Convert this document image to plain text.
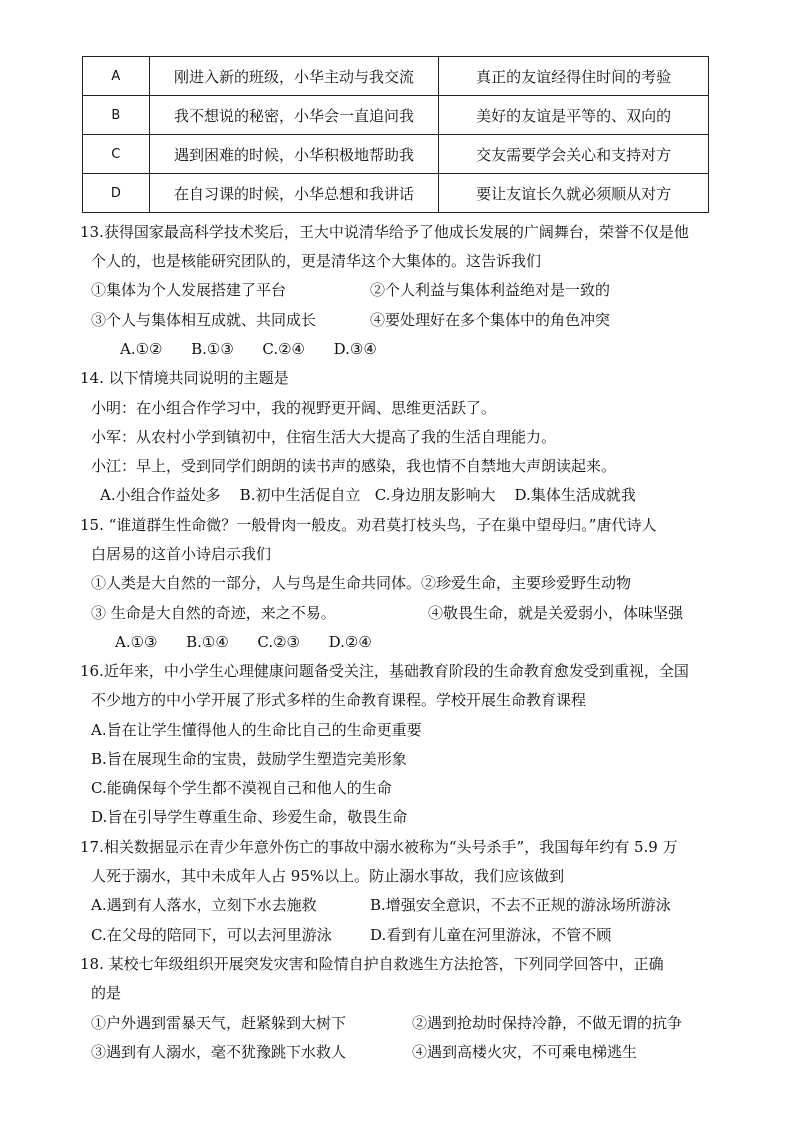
A	刚进入新的班级，小华主动与我交流	真正的友谊经得住时间的考验
B	我不想说的秘密，小华会一直追问我	美好的友谊是平等的、双向的
C	遇到困难的时候，小华积极地帮助我	交友需要学会关心和支持对方
D	在自习课的时候，小华总想和我讲话	要让友谊长久就必须顺从对方
13.获得国家最高科学技术奖后，王大中说清华给予了他成长发展的广阔舞台，荣誉不仅是他
个人的，也是核能研究团队的，更是清华这个大集体的。这告诉我们
①集体为个人发展搭建了平台	②个人利益与集体利益绝对是一致的
③个人与集体相互成就、共同成长	④要处理好在多个集体中的角色冲突
A.①②      B.①③      C.②④      D.③④
14. 以下情境共同说明的主题是
小明：在小组合作学习中，我的视野更开阔、思维更活跃了。
小军：从农村小学到镇初中，住宿生活大大提高了我的生活自理能力。
小江：早上，受到同学们朗朗的读书声的感染，我也情不自禁地大声朗读起来。
A.小组合作益处多    B.初中生活促自立   C.身边朋友影响大    D.集体生活成就我
15. “谁道群生性命微？一般骨肉一般皮。劝君莫打枝头鸟，子在巢中望母归。”唐代诗人
白居易的这首小诗启示我们
①人类是大自然的一部分，人与鸟是生命共同体。②珍爱生命，主要珍爱野生动物
③ 生命是大自然的奇迹，来之不易。	④敬畏生命，就是关爱弱小，体味坚强
A.①③      B.①④      C.②③      D.②④
16.近年来，中小学生心理健康问题备受关注，基础教育阶段的生命教育愈发受到重视，全国
不少地方的中小学开展了形式多样的生命教育课程。学校开展生命教育课程
A.旨在让学生懂得他人的生命比自己的生命更重要
B.旨在展现生命的宝贵，鼓励学生塑造完美形象
C.能确保每个学生都不漠视自己和他人的生命
D.旨在引导学生尊重生命、珍爱生命，敬畏生命
17.相关数据显示在青少年意外伤亡的事故中溺水被称为“头号杀手”，我国每年约有 5.9 万
人死于溺水，其中未成年人占 95%以上。防止溺水事故，我们应该做到
A.遇到有人落水，立刻下水去施救	B.增强安全意识，不去不正规的游泳场所游泳
C.在父母的陪同下，可以去河里游泳	D.看到有儿童在河里游泳，不管不顾
18. 某校七年级组织开展突发灾害和险情自护自救逃生方法抢答，下列同学回答中，正确
的是
①户外遇到雷暴天气，赶紧躲到大树下	②遇到抢劫时保持冷静，不做无谓的抗争
③遇到有人溺水，毫不犹豫跳下水救人	④遇到高楼火灾，不可乘电梯逃生
